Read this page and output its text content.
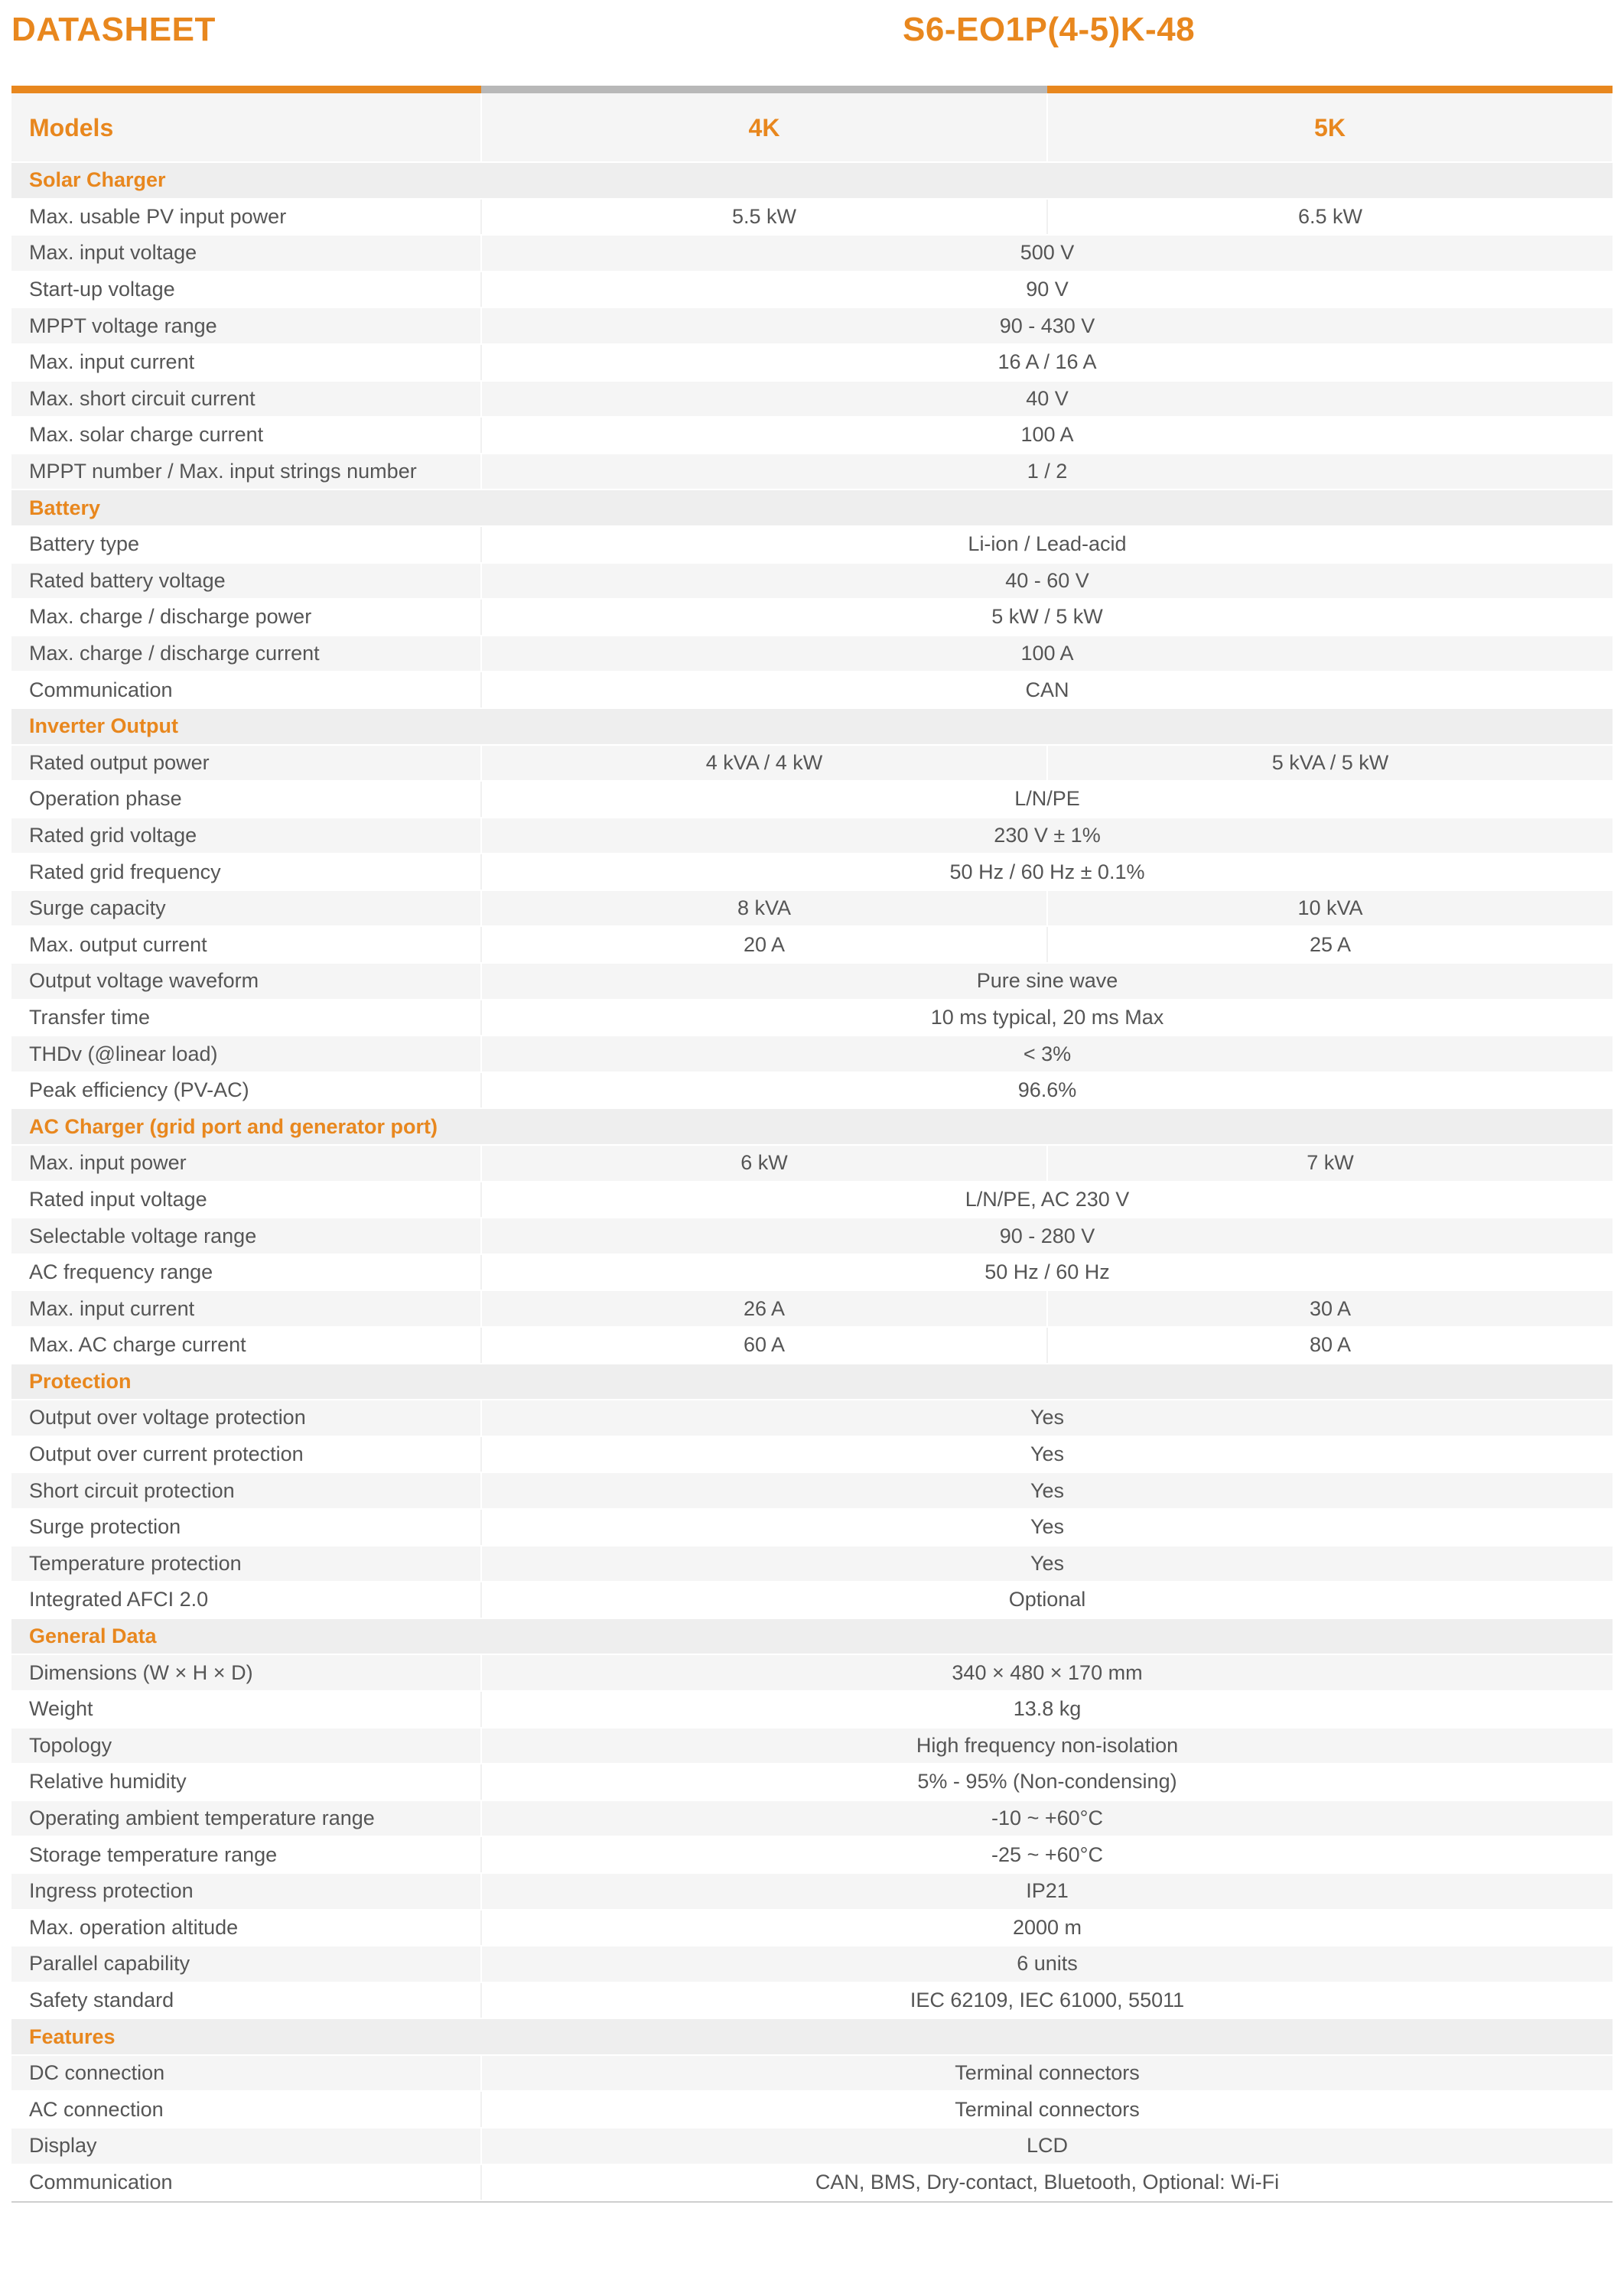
DATASHEET	S6-EO1P(4-5)K-48
Models	4K	5K
Solar Charger		
Max. usable PV input power	5.5 kW	6.5 kW
Max. input voltage	500 V	
Start-up voltage	90 V	
MPPT voltage range	90 - 430 V	
Max. input current	16 A / 16 A	
Max. short circuit current	40 V	
Max. solar charge current	100 A	
MPPT number / Max. input strings number	1 / 2	
Battery		
Battery type	Li-ion / Lead-acid	
Rated battery voltage	40 - 60 V	
Max. charge / discharge power	5 kW / 5 kW	
Max. charge / discharge current	100 A	
Communication	CAN	
Inverter Output		
Rated output power	4 kVA / 4 kW	5 kVA / 5 kW
Operation phase	L/N/PE	
Rated grid voltage	230 V ± 1%	
Rated grid frequency	50 Hz / 60 Hz ± 0.1%	
Surge capacity	8 kVA	10 kVA
Max. output current	20 A	25 A
Output voltage waveform	Pure sine wave	
Transfer time	10 ms typical, 20 ms Max	
THDv (@linear load)	< 3%	
Peak efficiency (PV-AC)	96.6%	
AC Charger (grid port and generator port)		
Max. input power	6 kW	7 kW
Rated input voltage	L/N/PE, AC 230 V	
Selectable voltage range	90 - 280 V	
AC frequency range	50 Hz / 60 Hz	
Max. input current	26 A	30 A
Max. AC charge current	60 A	80 A
Protection		
Output over voltage protection	Yes	
Output over current protection	Yes	
Short circuit protection	Yes	
Surge protection	Yes	
Temperature protection	Yes	
Integrated AFCI 2.0	Optional	
General Data		
Dimensions (W × H × D)	340 × 480 × 170 mm	
Weight	13.8 kg	
Topology	High frequency non-isolation	
Relative humidity	5% - 95% (Non-condensing)	
Operating ambient temperature range	-10 ~ +60°C	
Storage temperature range	-25 ~ +60°C	
Ingress protection	IP21	
Max. operation altitude	2000 m	
Parallel capability	6 units	
Safety standard	IEC 62109, IEC 61000, 55011	
Features		
DC connection	Terminal connectors	
AC connection	Terminal connectors	
Display	LCD	
Communication	CAN, BMS, Dry-contact, Bluetooth, Optional: Wi-Fi	
